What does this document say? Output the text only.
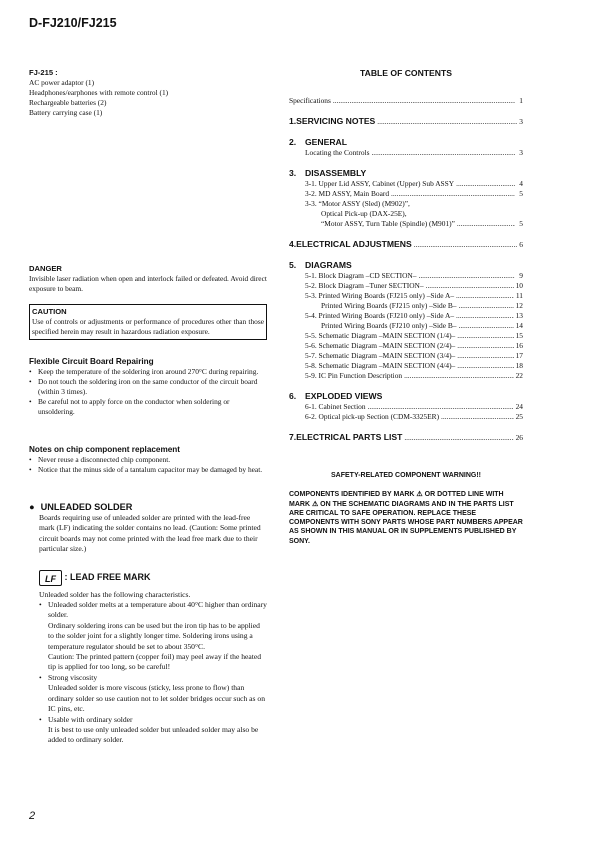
D-FJ210/FJ215
FJ-215 :
AC power adaptor (1)
Headphones/earphones with remote control (1)
Rechargeable batteries (2)
Battery carrying case (1)
DANGER

Invisible laser radiation when open and interlock failed or defeated. Avoid direct exposure to beam.

CAUTION

Use of controls or adjustments or performance of procedures other than those specified herein may result in hazardous radiation exposure.

Flexible Circuit Board Repairing
• Keep the temperature of the soldering iron around 270°C during repairing.
• Do not touch the soldering iron on the same conductor of the circuit board (within 3 times).
• Be careful not to apply force on the conductor when soldering or unsoldering.
Notes on chip component replacement
• Never reuse a disconnected chip component.
• Notice that the minus side of a tantalum capacitor may be damaged by heat.
● UNLEADED SOLDER

Boards requiring use of unleaded solder are printed with the lead-free mark (LF) indicating the solder contains no lead. (Caution: Some printed circuit boards may not come printed with the lead free mark due to their particular size.)

LF : LEAD FREE MARK

Unleaded solder has the following characteristics.

• Unleaded solder melts at a temperature about 40°C higher than ordinary solder.
Ordinary soldering irons can be used but the iron tip has to be applied to the solder joint for a slightly longer time. Soldering irons using a temperature regulator should be set to about 350°C.
Caution: The printed pattern (copper foil) may peel away if the heated tip is applied for too long, so be careful!
• Strong viscosity
Unleaded solder is more viscous (sticky, less prone to flow) than ordinary solder so use caution not to let solder bridges occur such as on IC pins, etc.
• Usable with ordinary solder
It is best to use only unleaded solder but unleaded solder may also be added to ordinary solder.
TABLE OF CONTENTS
Specifications .....	1
1. SERVICING NOTES .....	3
2.	GENERAL
Locating the Controls .....	3
3.	DISASSEMBLY
3-1. Upper Lid ASSY, Cabinet (Upper) Sub ASSY .....	4
3-2. MD ASSY, Main Board .....	5
3-3. “Motor ASSY (Sled) (M902)”,
Optical Pick-up (DAX-25E),
“Motor ASSY, Turn Table (Spindle) (M901)” .....	5
4. ELECTRICAL ADJUSTMENS .....	6
5.	DIAGRAMS
5-1. Block Diagram –CD SECTION– .....	9
5-2. Block Diagram –Tuner SECTION– .....	10
5-3. Printed Wiring Boards (FJ215 only) –Side A– .....	11
Printed Wiring Boards (FJ215 only) –Side B– .....	12
5-4. Printed Wiring Boards (FJ210 only) –Side A– .....	13
Printed Wiring Boards (FJ210 only) –Side B– .....	14
5-5. Schematic Diagram –MAIN SECTION (1/4)– .....	15
5-6. Schematic Diagram –MAIN SECTION (2/4)– .....	16
5-7. Schematic Diagram –MAIN SECTION (3/4)– .....	17
5-8. Schematic Diagram –MAIN SECTION (4/4)– .....	18
5-9. IC Pin Function Description .....	22
6.	EXPLODED VIEWS
6-1. Cabinet Section .....	24
6-2. Optical pick-up Section (CDM-3325ER) .....	25
7. ELECTRICAL PARTS LIST .....	26
SAFETY-RELATED COMPONENT WARNING!!

COMPONENTS IDENTIFIED BY MARK ⚠ OR DOTTED LINE WITH MARK ⚠ ON THE SCHEMATIC DIAGRAMS AND IN THE PARTS LIST ARE CRITICAL TO SAFE OPERATION. REPLACE THESE COMPONENTS WITH SONY PARTS WHOSE PART NUMBERS APPEAR AS SHOWN IN THIS MANUAL OR IN SUPPLEMENTS PUBLISHED BY SONY.

2
